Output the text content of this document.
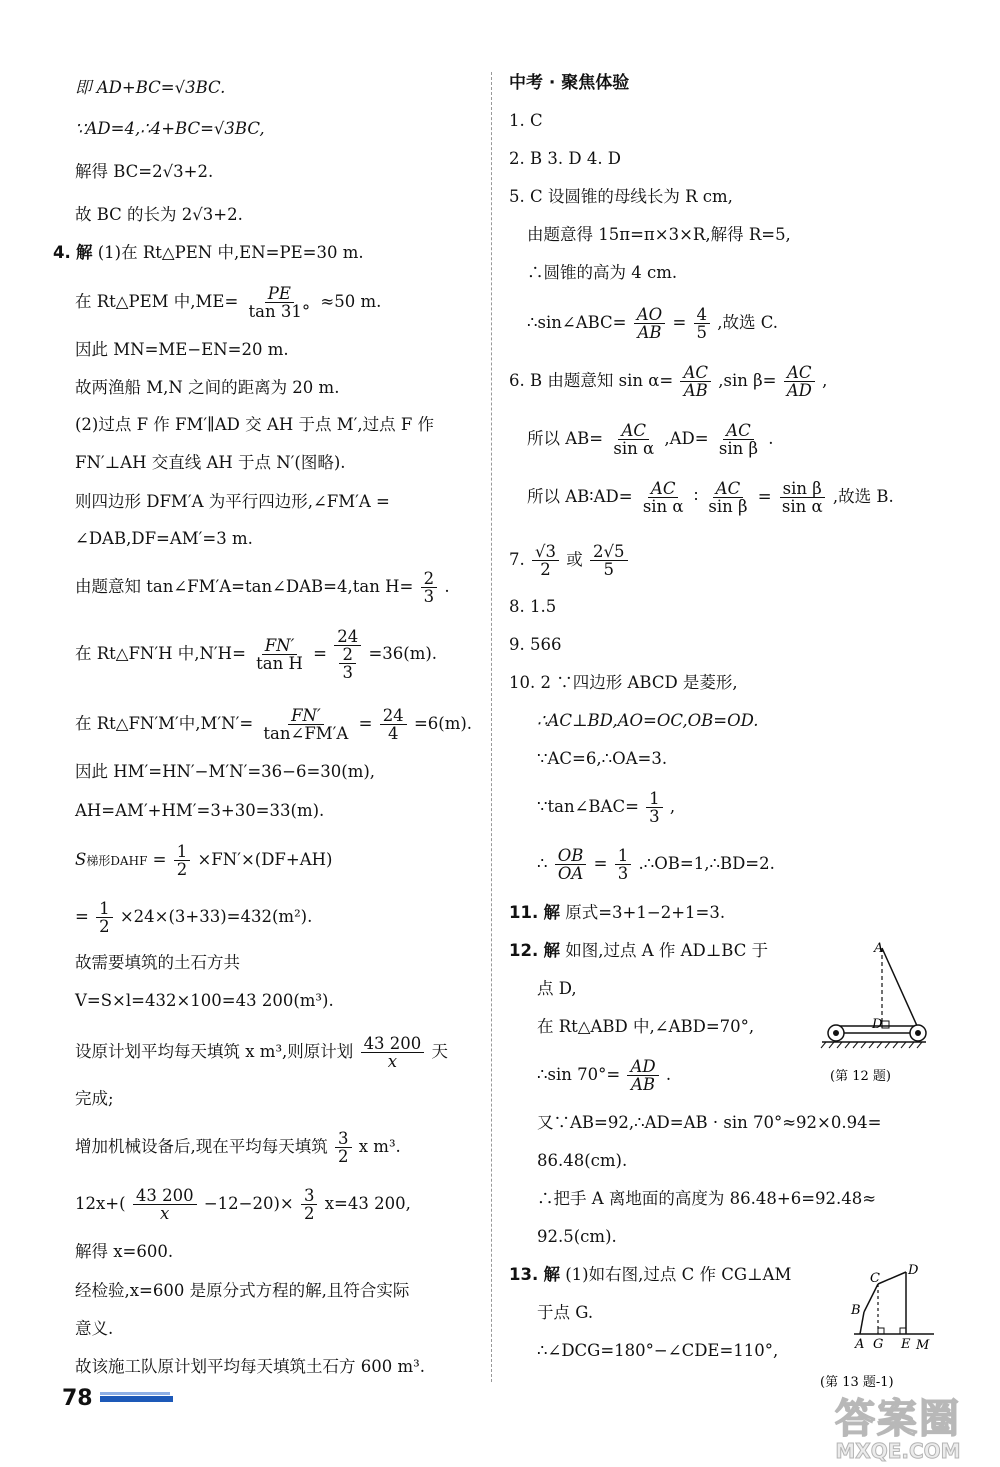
即 AD+BC=√3BC.
∵AD=4,∴4+BC=√3BC,
解得 BC=2√3+2.
故 BC 的长为 2√3+2.
4. 解 (1)在 Rt△PEN 中,EN=PE=30 m.
在 Rt△PEM 中$,ME= \frac{PE}{\tan 31^\circ} \approx 50$ m.
因此 MN=ME−EN=20 m.
故两渔船 M,N 之间的距离为 20 m.
(2)过点 F 作 FM′∥AD 交 AH 于点 M′,过点 F 作
FN′⊥AH 交直线 AH 于点 N′(图略).
则四边形 DFM′A 为平行四边形,∠FM′A =
∠DAB,DF=AM′=3 m.
由题意知 tan∠FM′A=tan∠DAB=4,tan $H= \frac{2}{3}$ .
在 Rt△FN′H 中$,N'H= \frac{FN'}{\text{tan H}} = \frac{24}{\frac{2}{3}} =36(m)$.
在 Rt△FN′M′中$,M'N'= \frac{FN'}{\tan\angle FM'A} = \frac{24}{4} =6(m)$.
因此 HM′=HN′−M′N′=36−6=30(m),
AH=AM′+HM′=3+30=33(m).
S梯形DAHF = $\frac{1}{2} \times FN'\times(DF+AH)$
= $\frac{1}{2} \times 24\times(3+33)=432(m^2)$.
故需要填筑的土石方共
V=S×l=432×100=43 200(m³).
设原计划平均每天填筑 x m³,则原计划 $\frac{43 200}{x}$ 天
完成;
增加机械设备后,现在平均每天填筑 $\frac{3}{2}$ x m³.
$12x+( \frac{43 200}{x} -12-20)\times \frac{3}{2} x=43$ 200,
解得 x=600.
经检验,x=600 是原分式方程的解,且符合实际
意义.
故该施工队原计划平均每天填筑土石方 600 m³.
中考 · 聚焦体验
1. C
2. B 3. D 4. D
5. C 设圆锥的母线长为 R cm,
由题意得 15π=π×3×R,解得 R=5,
∴圆锥的高为 4 cm.
∴sin∠ABC= $\frac{AO}{AB} = \frac{4}{5}$ ,故选 C.
6. B 由题意知 $\sin \alpha= \frac{AC}{AB} ,\sin$ $\beta= \frac{AC}{AD}$ ,
所以 $AB= \frac{AC}{\text{sin α}} ,AD= \frac{AC}{\text{sin β}}$ .
所以 AB∶AD= $\frac{AC}{\text{sin α}}$ ∶ $\frac{AC}{\text{sin β}} = \frac{\text{sin β}}{\text{sin α}}$ ,故选 B.
7. $\frac{√3}{2}$ 或 $\frac{2√5}{5}$
8. 1.5
9. 566
10. 2 ∵四边形 ABCD 是菱形,
∴AC⊥BD,AO=OC,OB=OD.
∵AC=6,∴OA=3.
∵tan∠BAC= $\frac{1}{3}$ ,
∴ $\frac{OB}{OA} = \frac{1}{3}$ .∴OB=1,∴BD=2.
11. 解 原式=3+1−2+1=3.
12. 解 如图,过点 A 作 AD⊥BC 于
点 D,
在 Rt△ABD 中,∠ABD=70°,
∴sin $70^\circ= \frac{AD}{AB}$ .
又∵AB=92,∴AD=AB · sin 70°≈92×0.94=
86.48(cm).
∴把手 A 离地面的高度为 86.48+6=92.48≈
92.5(cm).
13. 解 (1)如右图,过点 C 作 CG⊥AM
于点 G.
∴∠DCG=180°−∠CDE=110°,
A
D
(第 12 题)
C
D
B
A G E M
(第 13 题-1)
78	答案圈
MXQE.COM
